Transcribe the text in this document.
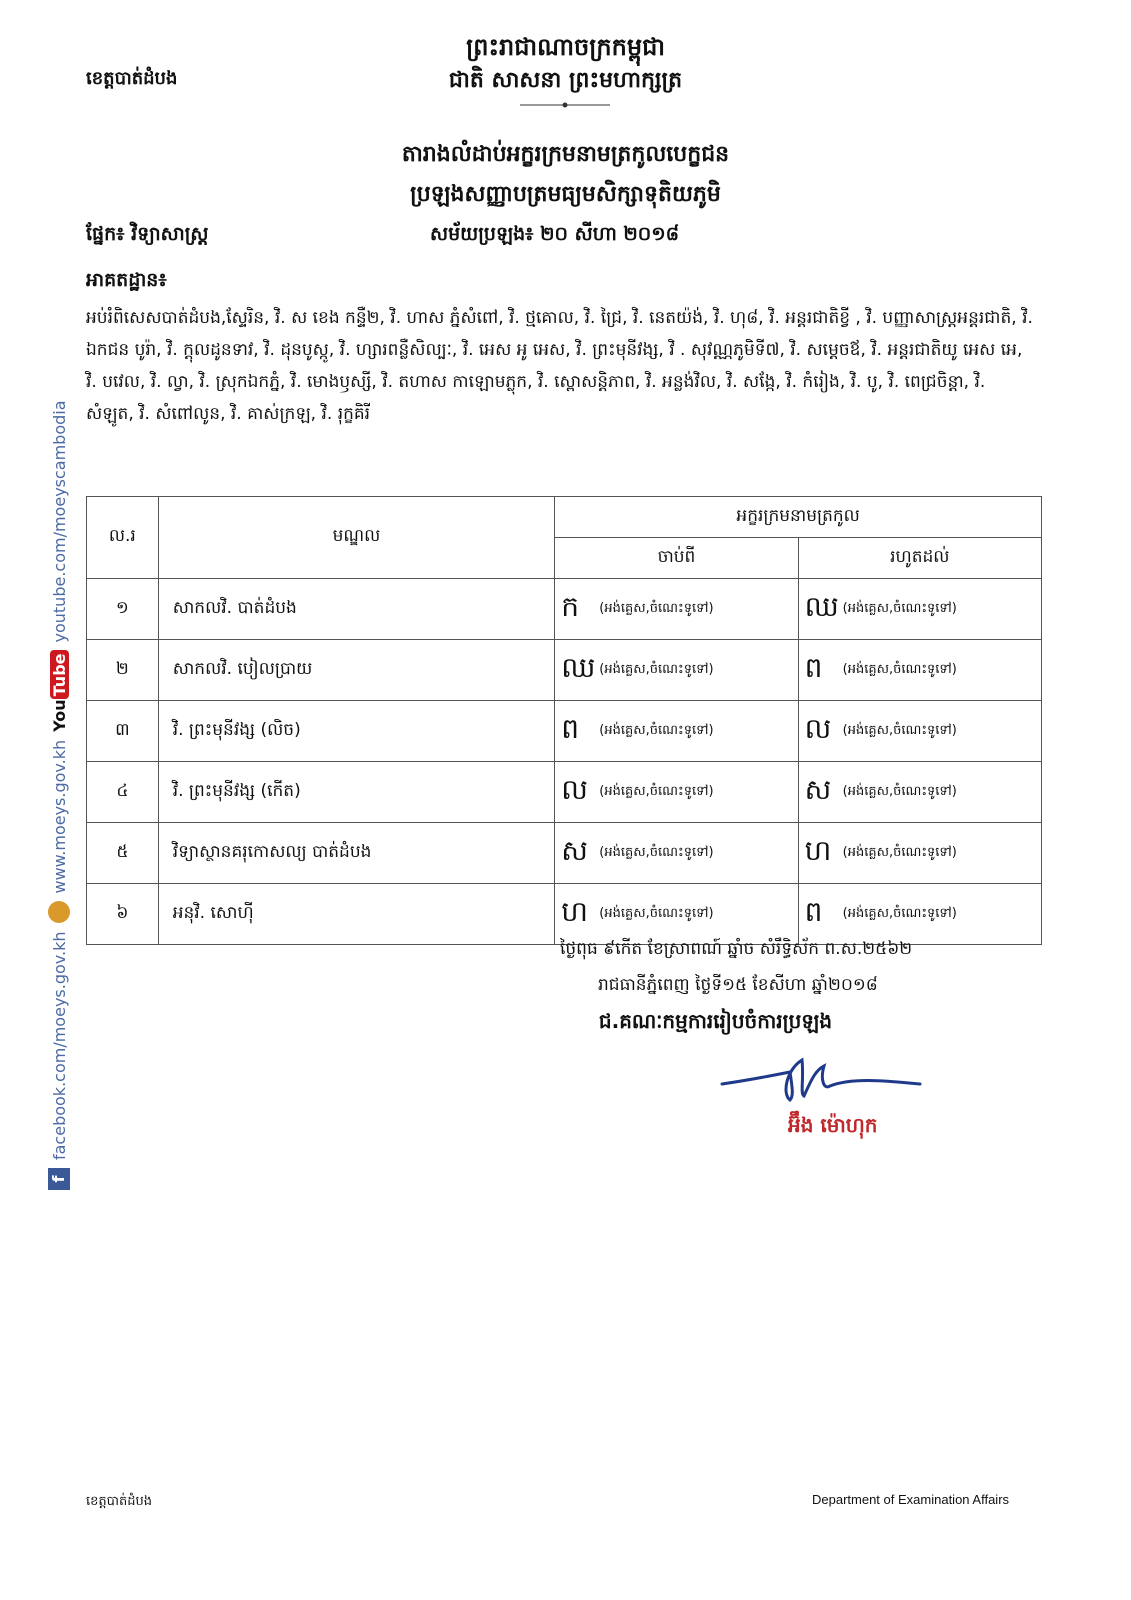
ខេត្តបាត់ដំបង
ព្រះរាជាណាចក្រកម្ពុជា
ជាតិ សាសនា ព្រះមហាក្សត្រ
តារាងលំដាប់អក្ខរក្រមនាមត្រកូលបេក្ខជន
ប្រឡងសញ្ញាបត្រមធ្យមសិក្សាទុតិយភូមិ
ផ្នែក៖ វិទ្យាសាស្ត្រ	សម័យប្រឡង៖ ២០ សីហា ២០១៨
អាគតដ្ឋាន៖
អប់រំពិសេសបាត់ដំបង,ស្ទែរិន, វិ. ស ខេង កន្ទឺ២, វិ. ហាស ភ្នំសំពៅ, វិ. ថ្មគោល, វិ. ជ្រៃ, វិ. នេតយ៉ង់, វិ. ហុ៨, វិ. អន្តរជាតិខ្វី , វិ. បញ្ញាសាស្ត្រអន្តរជាតិ, វិ. ឯកជន បូរ៉ា, វិ. ក្តុលដូនទាវ, វិ. ដុនបូស្កូ, វិ. ហ្សារពន្លឺសិល្បៈ, វិ. អេស អូ អេស, វិ. ព្រះមុនីវង្ស, វិ . សុវណ្ណភូមិទី៧, វិ. សម្តេចឪ, វិ. អន្តរជាតិយូ អេស អេ, វិ. បវេល, វិ. ល្វា, វិ. ស្រុកឯកភ្នំ, វិ. មោងឫស្សី, វិ. តហាស កាឡោមភ្លុក, វិ. ស្ពោសន្តិភាព, វិ. អន្លង់វិល, វិ. សង្កែ, វិ. កំរៀង, វិ. បូ, វិ. ពេជ្រចិន្តា, វិ. សំឡូត, វិ. សំពៅលូន, វិ. គាស់ក្រឡ, វិ. រុក្ខគិរី
ល.រ	មណ្ឌល	អក្ខរក្រមនាមត្រកូល	
		ចាប់ពី	រហូតដល់
១	សាកលវិ. បាត់ដំបង	ក (អង់គ្លេស,ចំណេះទូទៅ)	ឈ (អង់គ្លេស,ចំណេះទូទៅ)
២	សាកលវិ. បៀលប្រាយ	ឈ (អង់គ្លេស,ចំណេះទូទៅ)	ព (អង់គ្លេស,ចំណេះទូទៅ)
៣	វិ. ព្រះមុនីវង្ស (លិច)	ព (អង់គ្លេស,ចំណេះទូទៅ)	ល (អង់គ្លេស,ចំណេះទូទៅ)
៤	វិ. ព្រះមុនីវង្ស (កើត)	ល (អង់គ្លេស,ចំណេះទូទៅ)	ស (អង់គ្លេស,ចំណេះទូទៅ)
៥	វិទ្យាស្ថានគរុកោសល្យ បាត់ដំបង	ស (អង់គ្លេស,ចំណេះទូទៅ)	ហ (អង់គ្លេស,ចំណេះទូទៅ)
៦	អនុវិ. សោហ៊ី	ហ (អង់គ្លេស,ចំណេះទូទៅ)	ព (អង់គ្លេស,ចំណេះទូទៅ)
ថ្ងៃពុធ ៩កើត ខែស្រាពណ៍ ឆ្នាំច សំរឹទ្ធិស័ក ព.ស.២៥៦២
រាជធានីភ្នំពេញ ថ្ងៃទី១៥ ខែសីហា ឆ្នាំ២០១៨
ជ.គណៈកម្មការរៀបចំការប្រឡង
អ៊ឹង ម៉ោហុក
f
facebook.com/moeys.gov.kh
www.moeys.gov.kh
YouTube
youtube.com/moeyscambodia
ខេត្តបាត់ដំបង	Department of Examination Affairs
